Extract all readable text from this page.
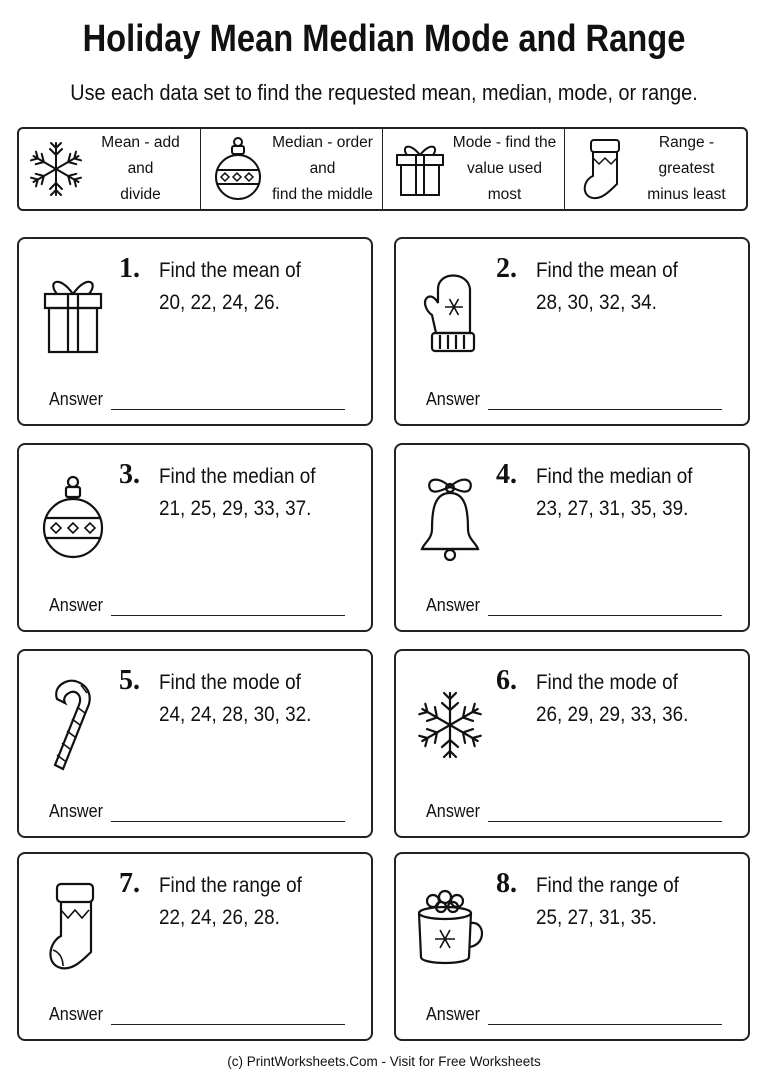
Holiday Mean Median Mode and Range
Use each data set to find the requested mean, median, mode, or range.
Mean - add and
divide
Median - order and
find the middle
Mode - find the
value used most
Range - greatest
minus least
1. Find the mean of
20, 22, 24, 26.
Answer
2. Find the mean of
28, 30, 32, 34.
Answer
3. Find the median of
21, 25, 29, 33, 37.
Answer
4. Find the median of
23, 27, 31, 35, 39.
Answer
5. Find the mode of
24, 24, 28, 30, 32.
Answer
6. Find the mode of
26, 29, 29, 33, 36.
Answer
7. Find the range of
22, 24, 26, 28.
Answer
8. Find the range of
25, 27, 31, 35.
Answer
(c) PrintWorksheets.Com - Visit for Free Worksheets
